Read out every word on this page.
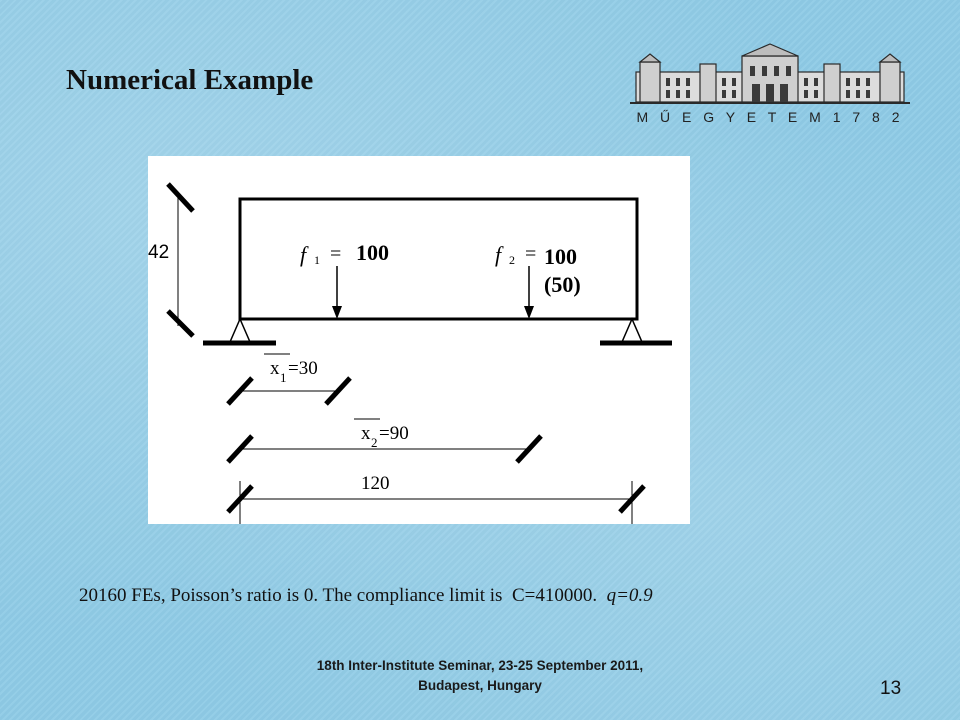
Numerical Example
M Ű E G Y E T E M 1 7 8 2
42	f 1 = 100	f 2 = 100
(50)
x 1 =30
x 2 =90
120
20160 FEs, Poisson’s ratio is 0. The compliance limit is  C=410000.  q=0.9
18th Inter-Institute Seminar, 23-25 September 2011,
Budapest, Hungary	13
